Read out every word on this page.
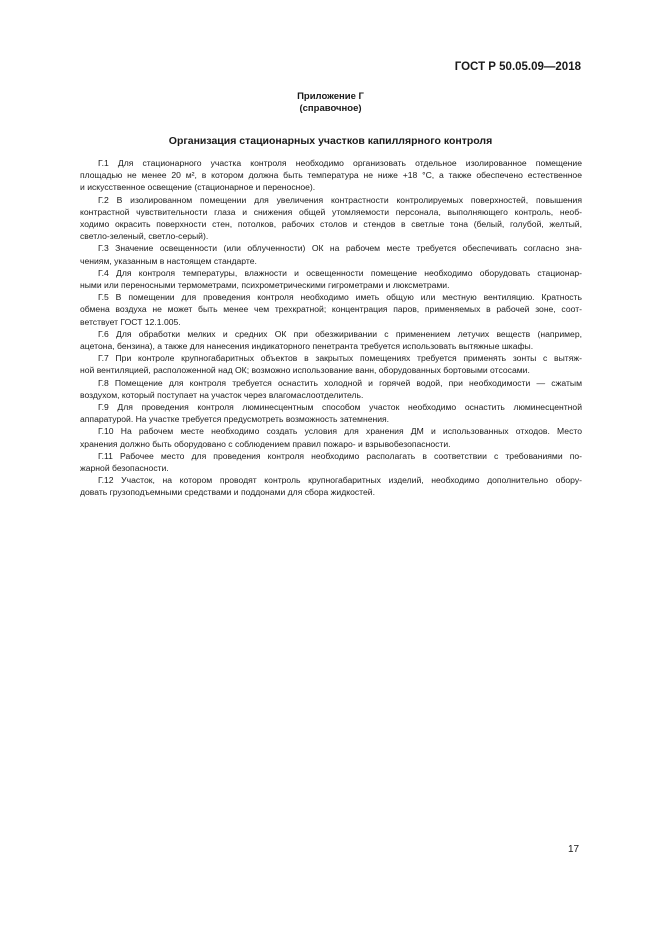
ГОСТ Р 50.05.09—2018
Приложение Г
(справочное)
Организация стационарных участков капиллярного контроля
Г.1 Для стационарного участка контроля необходимо организовать отдельное изолированное помещение
площадью не менее 20 м², в котором должна быть температура не ниже +18 °С, а также обеспечено естественное
и искусственное освещение (стационарное и переносное).
Г.2 В изолированном помещении для увеличения контрастности контролируемых поверхностей, повышения
контрастной чувствительности глаза и снижения общей утомляемости персонала, выполняющего контроль, необ-
ходимо окрасить поверхности стен, потолков, рабочих столов и стендов в светлые тона (белый, голубой, желтый,
светло-зеленый, светло-серый).
Г.3 Значение освещенности (или облученности) ОК на рабочем месте требуется обеспечивать согласно зна-
чениям, указанным в настоящем стандарте.
Г.4 Для контроля температуры, влажности и освещенности помещение необходимо оборудовать стационар-
ными или переносными термометрами, психрометрическими гигрометрами и люксметрами.
Г.5 В помещении для проведения контроля необходимо иметь общую или местную вентиляцию. Кратность
обмена воздуха не может быть менее чем трехкратной; концентрация паров, применяемых в рабочей зоне, соот-
ветствует ГОСТ 12.1.005.
Г.6 Для обработки мелких и средних ОК при обезжиривании с применением летучих веществ (например,
ацетона, бензина), а также для нанесения индикаторного пенетранта требуется использовать вытяжные шкафы.
Г.7 При контроле крупногабаритных объектов в закрытых помещениях требуется применять зонты с вытяж-
ной вентиляцией, расположенной над ОК; возможно использование ванн, оборудованных бортовыми отсосами.
Г.8 Помещение для контроля требуется оснастить холодной и горячей водой, при необходимости — сжатым
воздухом, который поступает на участок через влагомаслоотделитель.
Г.9 Для проведения контроля люминесцентным способом участок необходимо оснастить люминесцентной
аппаратурой. На участке требуется предусмотреть возможность затемнения.
Г.10 На рабочем месте необходимо создать условия для хранения ДМ и использованных отходов. Место
хранения должно быть оборудовано с соблюдением правил пожаро- и взрывобезопасности.
Г.11 Рабочее место для проведения контроля необходимо располагать в соответствии с требованиями по-
жарной безопасности.
Г.12 Участок, на котором проводят контроль крупногабаритных изделий, необходимо дополнительно обору-
довать грузоподъемными средствами и поддонами для сбора жидкостей.
17
